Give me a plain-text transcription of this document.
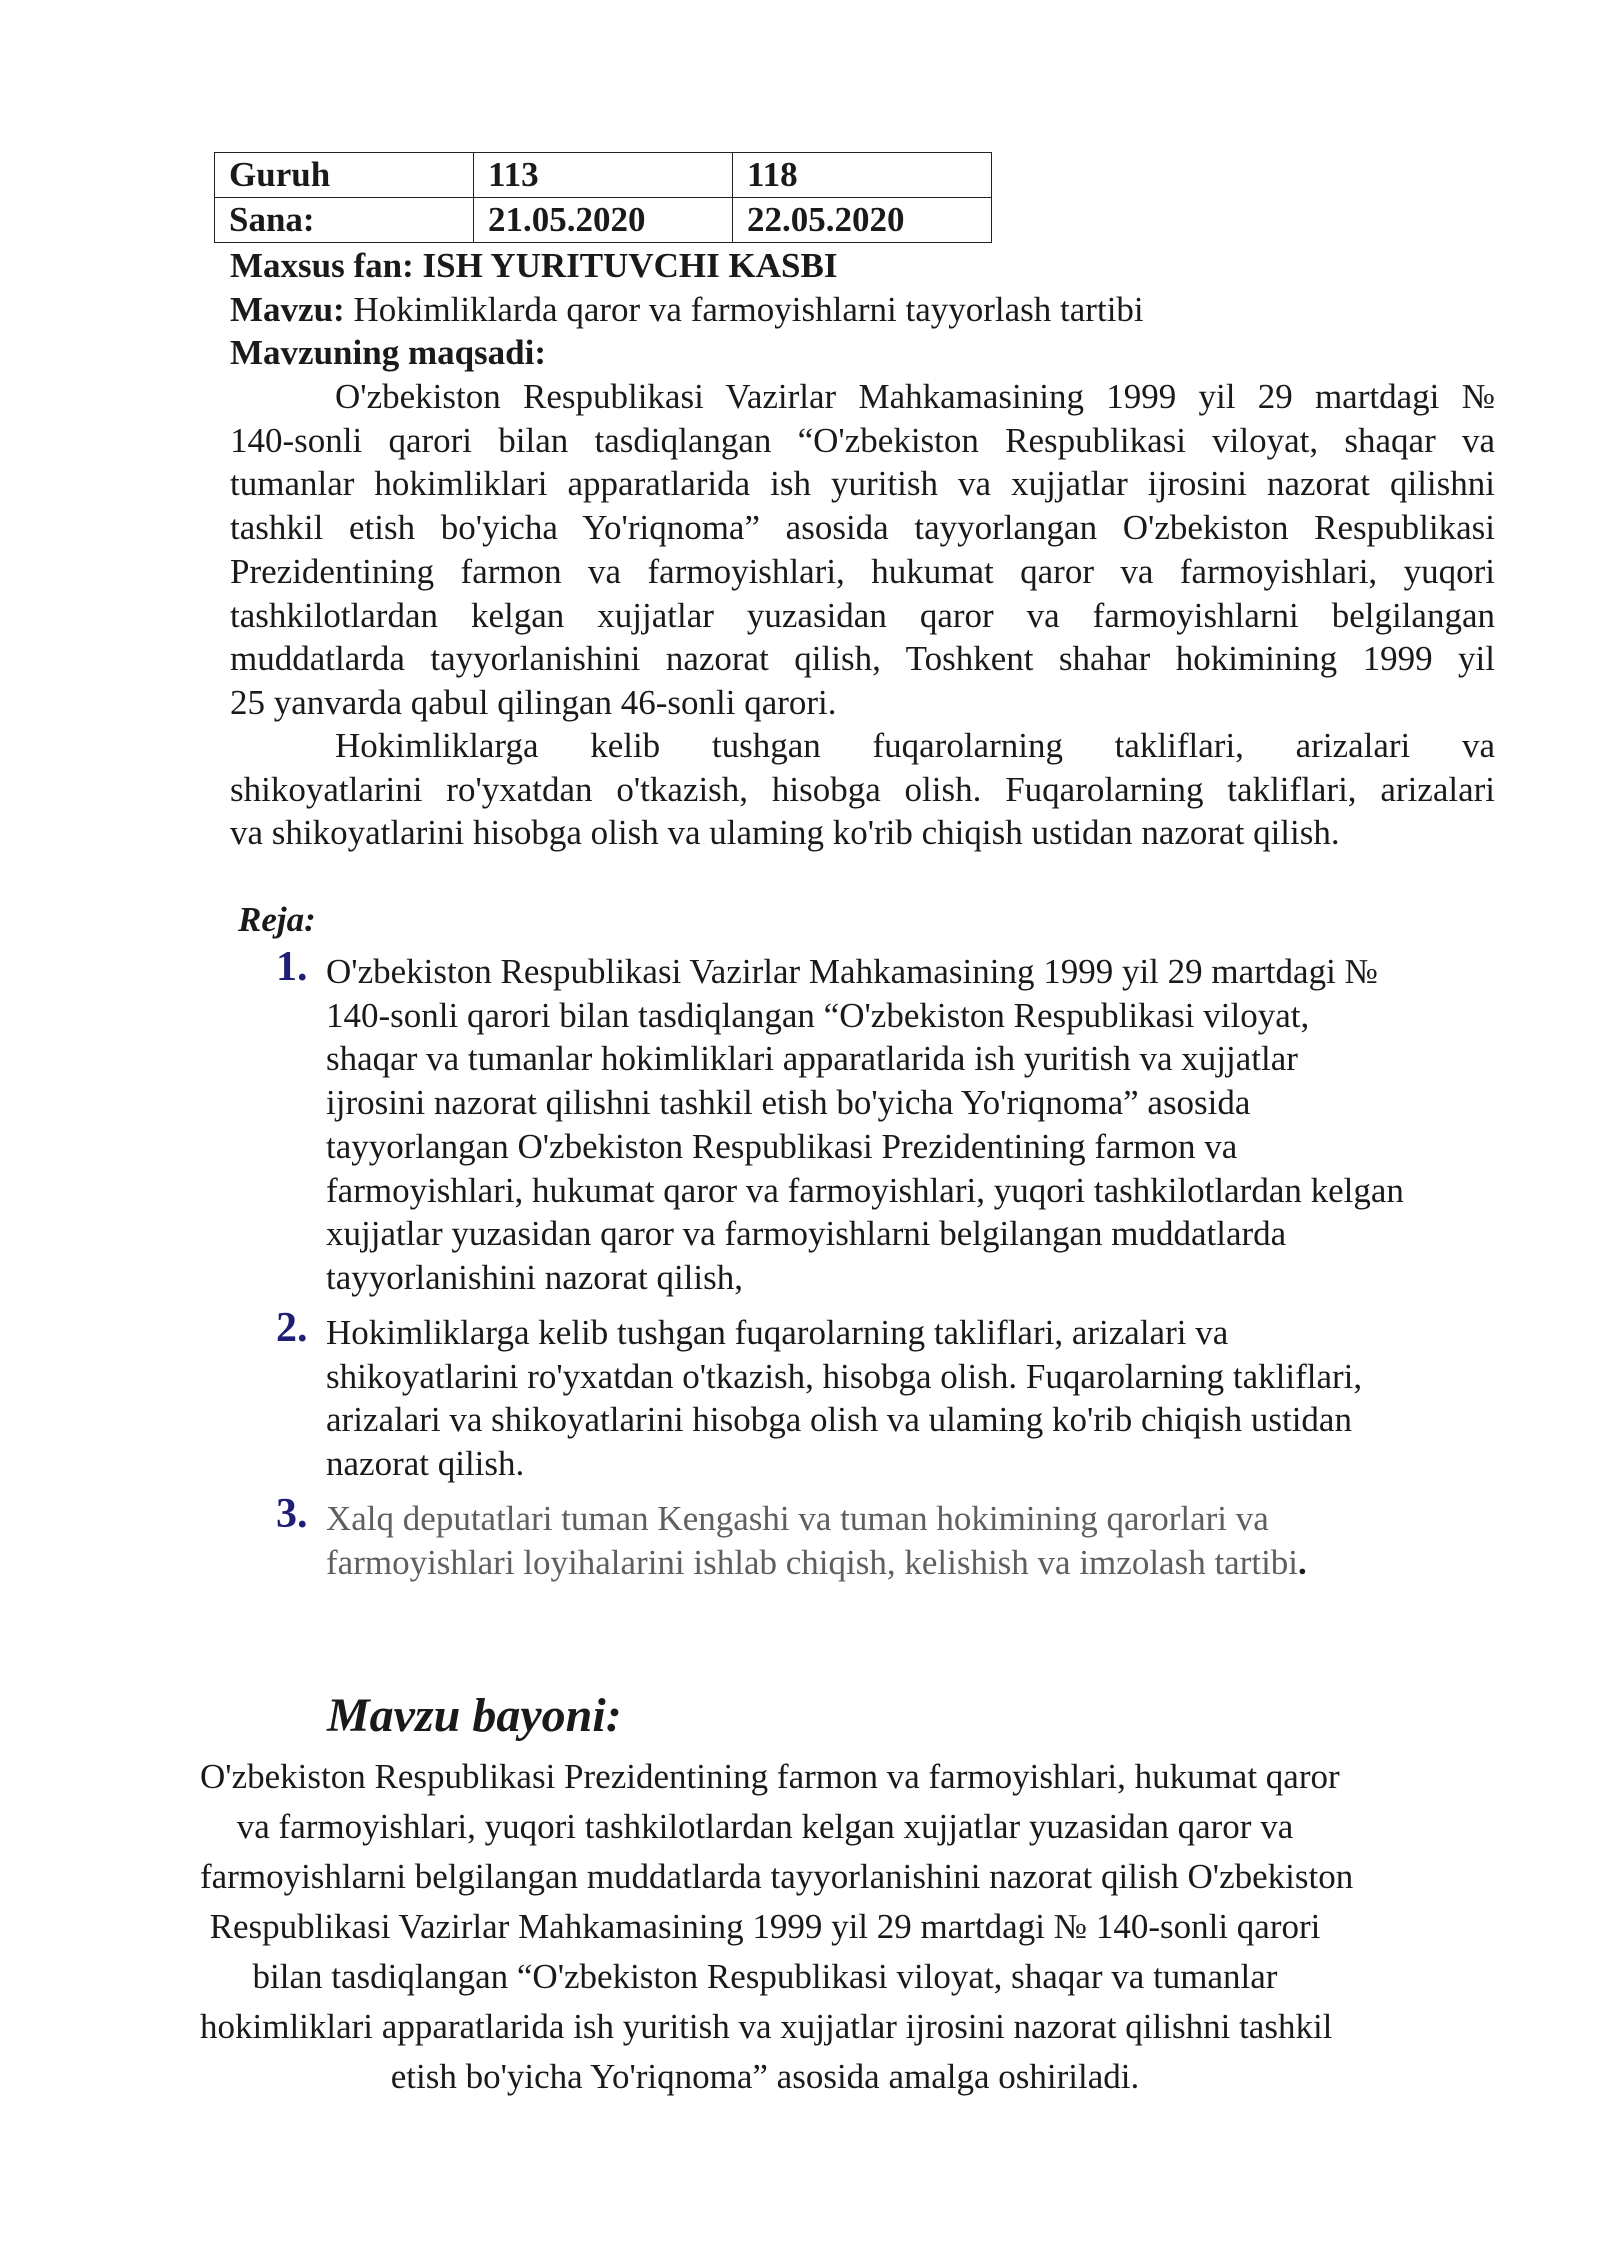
Guruh	113	118
Sana:	21.05.2020	22.05.2020
Maxsus fan: ISH YURITUVCHI KASBI
Mavzu: Hokimliklarda qaror va farmoyishlarni tayyorlash tartibi
Mavzuning maqsadi:
O'zbekiston Respublikasi Vazirlar Mahkamasining 1999 yil 29 martdagi №
140-sonli qarori bilan tasdiqlangan “O'zbekiston Respublikasi viloyat, shaqar va
tumanlar hokimliklari apparatlarida ish yuritish va xujjatlar ijrosini nazorat qilishni
tashkil etish bo'yicha Yo'riqnoma” asosida tayyorlangan O'zbekiston Respublikasi
Prezidentining farmon va farmoyishlari, hukumat qaror va farmoyishlari, yuqori
tashkilotlardan kelgan xujjatlar yuzasidan qaror va farmoyishlarni belgilangan
muddatlarda tayyorlanishini nazorat qilish, Toshkent shahar hokimining 1999 yil
25 yanvarda qabul qilingan 46-sonli qarori.
Hokimliklarga kelib tushgan fuqarolarning takliflari, arizalari va
shikoyatlarini ro'yxatdan o'tkazish, hisobga olish. Fuqarolarning takliflari, arizalari
va shikoyatlarini hisobga olish va ulaming ko'rib chiqish ustidan nazorat qilish.
Reja:
1. O'zbekiston Respublikasi Vazirlar Mahkamasining 1999 yil 29 martdagi №
140-sonli qarori bilan tasdiqlangan “O'zbekiston Respublikasi viloyat,
shaqar va tumanlar hokimliklari apparatlarida ish yuritish va xujjatlar
ijrosini nazorat qilishni tashkil etish bo'yicha Yo'riqnoma” asosida
tayyorlangan O'zbekiston Respublikasi Prezidentining farmon va
farmoyishlari, hukumat qaror va farmoyishlari, yuqori tashkilotlardan kelgan
xujjatlar yuzasidan qaror va farmoyishlarni belgilangan muddatlarda
tayyorlanishini nazorat qilish,
2. Hokimliklarga kelib tushgan fuqarolarning takliflari, arizalari va
shikoyatlarini ro'yxatdan o'tkazish, hisobga olish. Fuqarolarning takliflari,
arizalari va shikoyatlarini hisobga olish va ulaming ko'rib chiqish ustidan
nazorat qilish.
3. Xalq deputatlari tuman Kengashi va tuman hokimining qarorlari va
farmoyishlari loyihalarini ishlab chiqish, kelishish va imzolash tartibi.
Mavzu bayoni:
O'zbekiston Respublikasi Prezidentining farmon va farmoyishlari, hukumat qaror
va farmoyishlari, yuqori tashkilotlardan kelgan xujjatlar yuzasidan qaror va
farmoyishlarni belgilangan muddatlarda tayyorlanishini nazorat qilish O'zbekiston
Respublikasi Vazirlar Mahkamasining 1999 yil 29 martdagi № 140-sonli qarori
bilan tasdiqlangan “O'zbekiston Respublikasi viloyat, shaqar va tumanlar
hokimliklari apparatlarida ish yuritish va xujjatlar ijrosini nazorat qilishni tashkil
etish bo'yicha Yo'riqnoma” asosida amalga oshiriladi.
